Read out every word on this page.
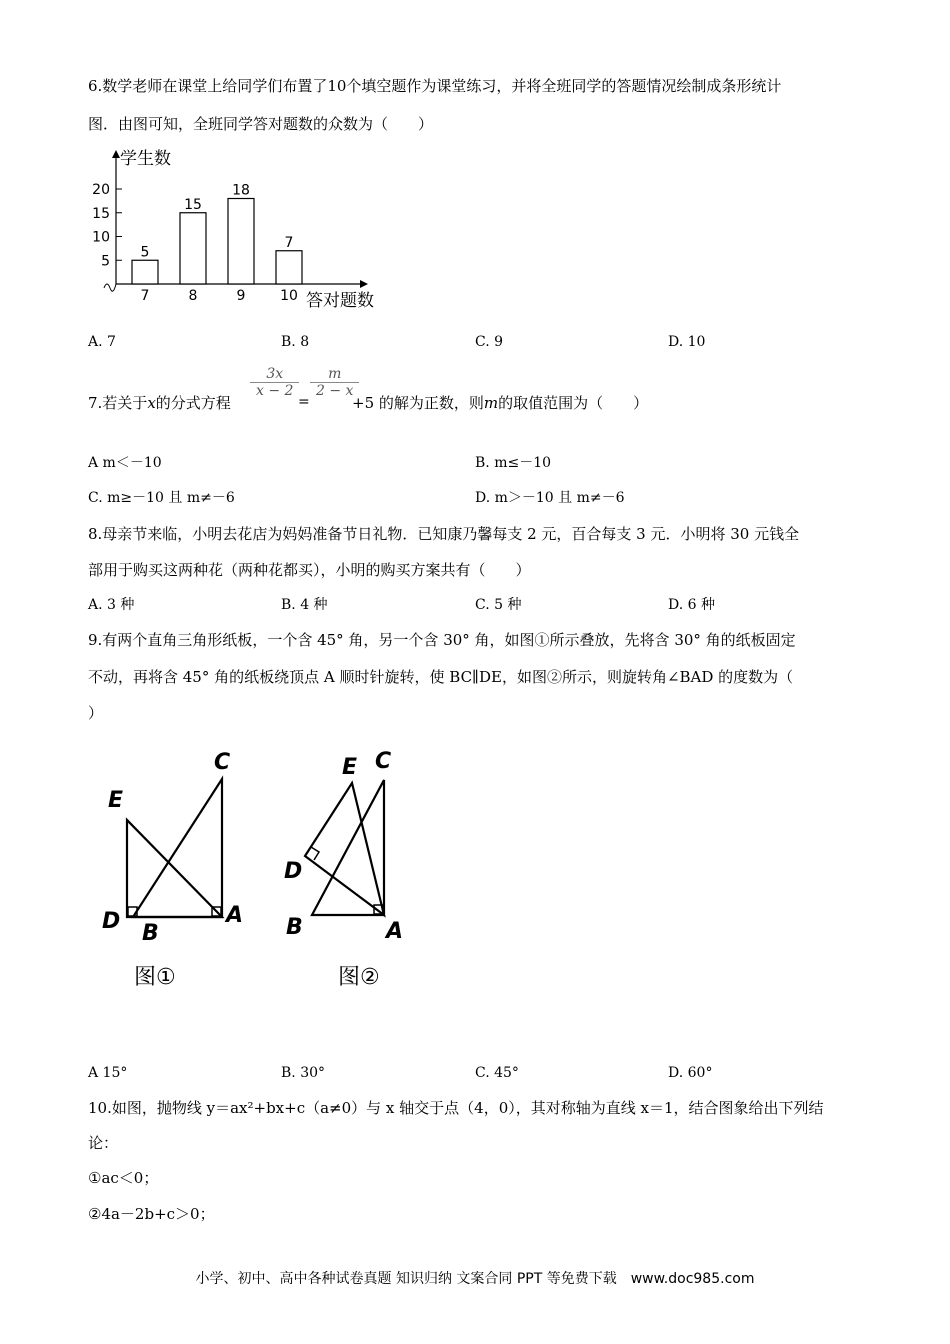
6.数学老师在课堂上给同学们布置了10个填空题作为课堂练习，并将全班同学的答题情况绘制成条形统计
图．由图可知，全班同学答对题数的众数为（　　）
5
10
15
20
学生数
答对题数
5
7
15
8
18
9
7
10
A. 7	B. 8	C. 9	D. 10
$\frac{3x}{x - 2}$
=
$\frac{m}{2 - x}$
7.若关于x的分式方程	+5 的解为正数，则m的取值范围为（　　）
A m＜－10	B. m≤－10
C. m≥－10 且 m≠－6	D. m＞－10 且 m≠－6
8.母亲节来临，小明去花店为妈妈准备节日礼物．已知康乃馨每支 2 元，百合每支 3 元．小明将 30 元钱全
部用于购买这两种花（两种花都买），小明的购买方案共有（　　）
A. 3 种	B. 4 种	C. 5 种	D. 6 种
9.有两个直角三角形纸板，一个含 45° 角，另一个含 30° 角，如图①所示叠放，先将含 30° 角的纸板固定
不动，再将含 45° 角的纸板绕顶点 A 顺时针旋转，使 BC∥DE，如图②所示，则旋转角∠BAD 的度数为（
）
C
E
D B
A
C
E
D
B	A
图①	图②
A 15°	B. 30°	C. 45°	D. 60°
10.如图，抛物线 y＝ax²+bx+c（a≠0）与 x 轴交于点（4，0），其对称轴为直线 x＝1，结合图象给出下列结
论：
①ac＜0；
②4a－2b+c＞0；
小学、初中、高中各种试卷真题 知识归纳 文案合同 PPT 等免费下载　www.doc985.com
